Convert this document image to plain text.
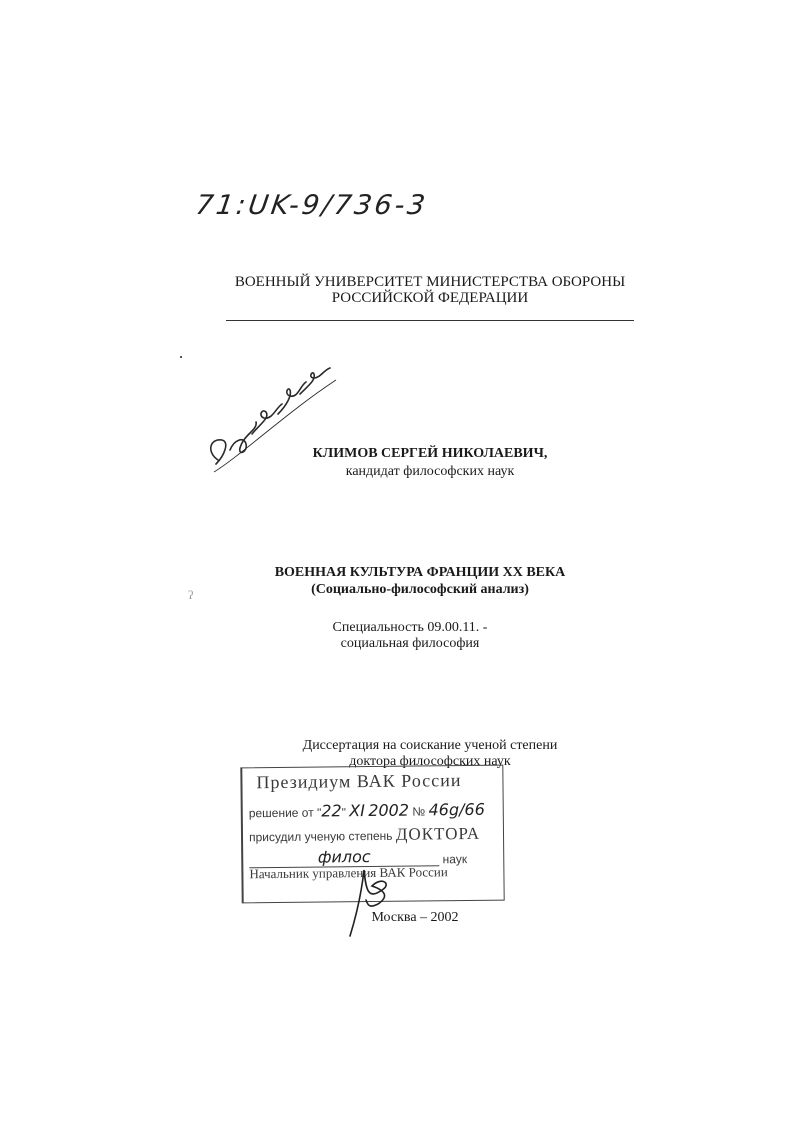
71:UK-9/736-3
ВОЕННЫЙ УНИВЕРСИТЕТ МИНИСТЕРСТВА ОБОРОНЫ
РОССИЙСКОЙ ФЕДЕРАЦИИ
КЛИМОВ СЕРГЕЙ НИКОЛАЕВИЧ,
кандидат философских наук
ʔ
ВОЕННАЯ КУЛЬТУРА ФРАНЦИИ XX ВЕКА
(Социально-философский анализ)
Специальность 09.00.11. -
социальная философия
Диссертация на соискание ученой степени
доктора философских наук
Президиум ВАК России
решение от "22" XI 2002 № 46g/66
присудил ученую степень ДОКТОРА
филос	наук
Начальник управления ВАК России
Москва – 2002
